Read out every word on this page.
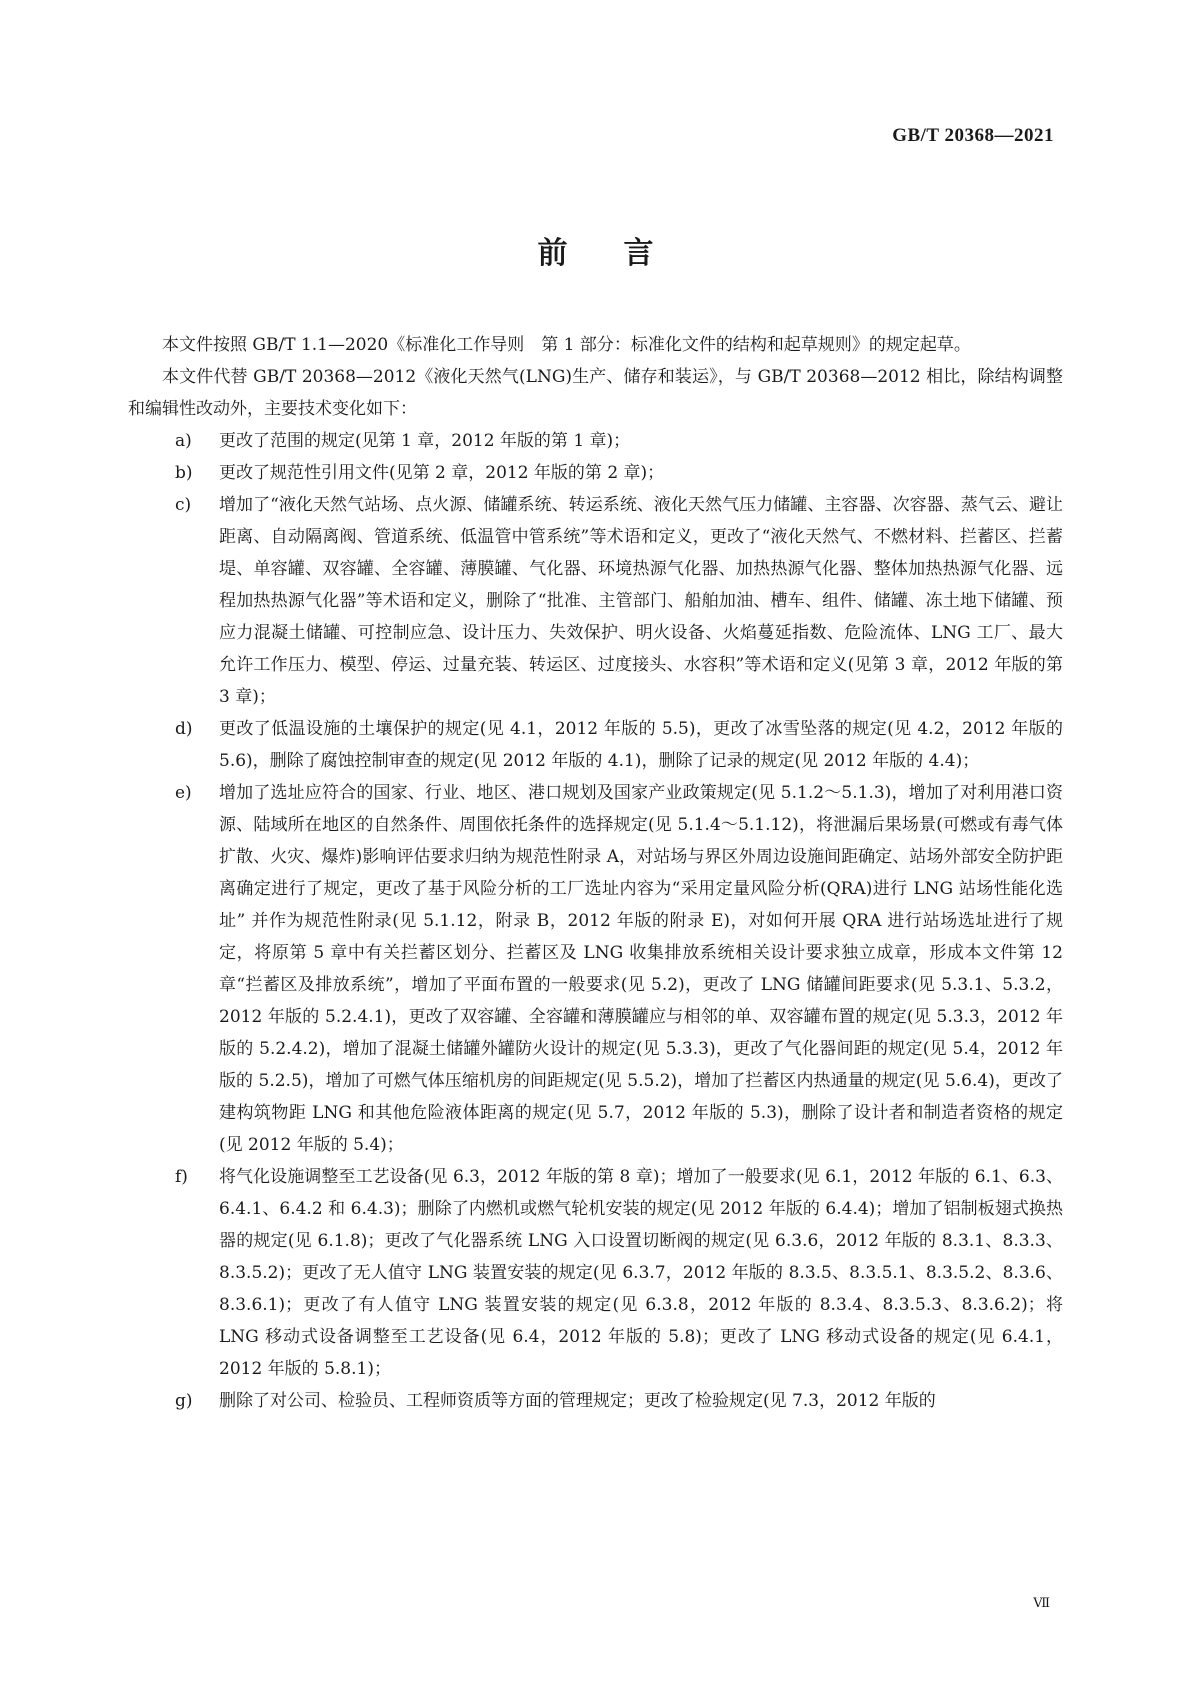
GB/T 20368—2021
前 言

本文件按照 GB/T 1.1—2020《标准化工作导则　第 1 部分：标准化文件的结构和起草规则》的规定起草。

本文件代替 GB/T 20368—2012《液化天然气(LNG)生产、储存和装运》，与 GB/T 20368—2012 相比，除结构调整和编辑性改动外，主要技术变化如下：

a)	更改了范围的规定(见第 1 章，2012 年版的第 1 章)；
b)	更改了规范性引用文件(见第 2 章，2012 年版的第 2 章)；
c)	增加了“液化天然气站场、点火源、储罐系统、转运系统、液化天然气压力储罐、主容器、次容器、蒸气云、避让距离、自动隔离阀、管道系统、低温管中管系统”等术语和定义，更改了“液化天然气、不燃材料、拦蓄区、拦蓄堤、单容罐、双容罐、全容罐、薄膜罐、气化器、环境热源气化器、加热热源气化器、整体加热热源气化器、远程加热热源气化器”等术语和定义，删除了“批准、主管部门、船舶加油、槽车、组件、储罐、冻土地下储罐、预应力混凝土储罐、可控制应急、设计压力、失效保护、明火设备、火焰蔓延指数、危险流体、LNG 工厂、最大允许工作压力、模型、停运、过量充装、转运区、过度接头、水容积”等术语和定义(见第 3 章，2012 年版的第 3 章)；
d)	更改了低温设施的土壤保护的规定(见 4.1，2012 年版的 5.5)，更改了冰雪坠落的规定(见 4.2，2012 年版的 5.6)，删除了腐蚀控制审查的规定(见 2012 年版的 4.1)，删除了记录的规定(见 2012 年版的 4.4)；
e)	增加了选址应符合的国家、行业、地区、港口规划及国家产业政策规定(见 5.1.2～5.1.3)，增加了对利用港口资源、陆域所在地区的自然条件、周围依托条件的选择规定(见 5.1.4～5.1.12)，将泄漏后果场景(可燃或有毒气体扩散、火灾、爆炸)影响评估要求归纳为规范性附录 A，对站场与界区外周边设施间距确定、站场外部安全防护距离确定进行了规定，更改了基于风险分析的工厂选址内容为“采用定量风险分析(QRA)进行 LNG 站场性能化选址” 并作为规范性附录(见 5.1.12，附录 B，2012 年版的附录 E)，对如何开展 QRA 进行站场选址进行了规定，将原第 5 章中有关拦蓄区划分、拦蓄区及 LNG 收集排放系统相关设计要求独立成章，形成本文件第 12 章“拦蓄区及排放系统”，增加了平面布置的一般要求(见 5.2)，更改了 LNG 储罐间距要求(见 5.3.1、5.3.2，2012 年版的 5.2.4.1)，更改了双容罐、全容罐和薄膜罐应与相邻的单、双容罐布置的规定(见 5.3.3，2012 年版的 5.2.4.2)，增加了混凝土储罐外罐防火设计的规定(见 5.3.3)，更改了气化器间距的规定(见 5.4，2012 年版的 5.2.5)，增加了可燃气体压缩机房的间距规定(见 5.5.2)，增加了拦蓄区内热通量的规定(见 5.6.4)，更改了建构筑物距 LNG 和其他危险液体距离的规定(见 5.7，2012 年版的 5.3)，删除了设计者和制造者资格的规定(见 2012 年版的 5.4)；
f)	将气化设施调整至工艺设备(见 6.3，2012 年版的第 8 章)；增加了一般要求(见 6.1，2012 年版的 6.1、6.3、6.4.1、6.4.2 和 6.4.3)；删除了内燃机或燃气轮机安装的规定(见 2012 年版的 6.4.4)；增加了铝制板翅式换热器的规定(见 6.1.8)；更改了气化器系统 LNG 入口设置切断阀的规定(见 6.3.6，2012 年版的 8.3.1、8.3.3、8.3.5.2)；更改了无人值守 LNG 装置安装的规定(见 6.3.7，2012 年版的 8.3.5、8.3.5.1、8.3.5.2、8.3.6、8.3.6.1)；更改了有人值守 LNG 装置安装的规定(见 6.3.8，2012 年版的 8.3.4、8.3.5.3、8.3.6.2)；将 LNG 移动式设备调整至工艺设备(见 6.4，2012 年版的 5.8)；更改了 LNG 移动式设备的规定(见 6.4.1，2012 年版的 5.8.1)；
g)	删除了对公司、检验员、工程师资质等方面的管理规定；更改了检验规定(见 7.3，2012 年版的
Ⅶ
